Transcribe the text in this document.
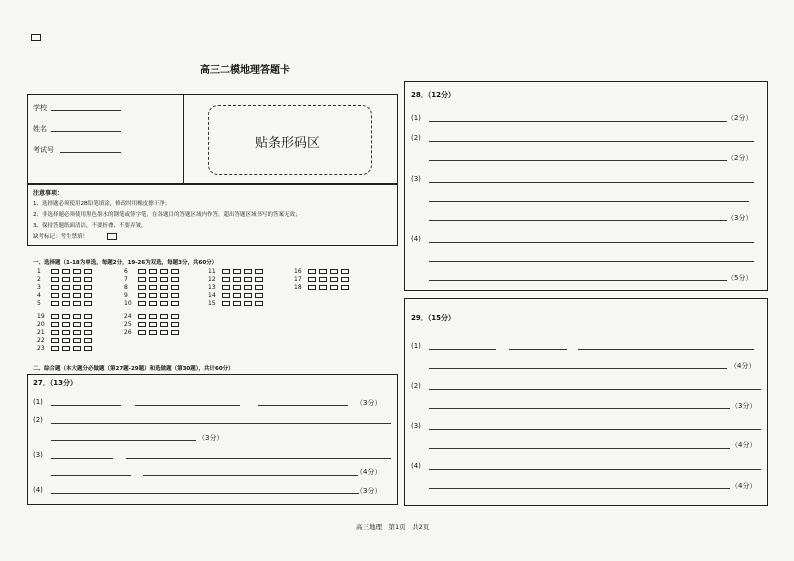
高三二模地理答题卡
学校
姓名
考试号	贴条形码区
注意事项：
1、选择题必须使用2B铅笔填涂，修改时用橡皮擦干净；
2、非选择题必须使用黑色墨水的钢笔或签字笔，在各题目的答题区域内作答，超出答题区域书写的答案无效；
3、保持答题纸面清洁，不要折叠、不要弄皱。
缺考标记：考生禁填！
一、选择题（1-18为单选，每题2分，19-26为双选，每题3分，共60分）
1
2
3
4
5
6
7
8
9
10
11
12
13
14
15
16
17
18
19
20
21
22
23
24
25
26
二、综合题（本大题分必做题（第27题-29题）和选做题（第30题），共计60分）
27．（13分）
(1)	（3分）
(2)
（3分）
(3)
（4分）
(4)	（3分）
28．（12分）
(1)	（2分）
(2)
（2分）
(3)
（3分）
(4)
（5分）
29．（15分）
(1)
（4分）
(2)
（3分）
(3)
（4分）
(4)
（4分）
高三地理　第1页　共2页
